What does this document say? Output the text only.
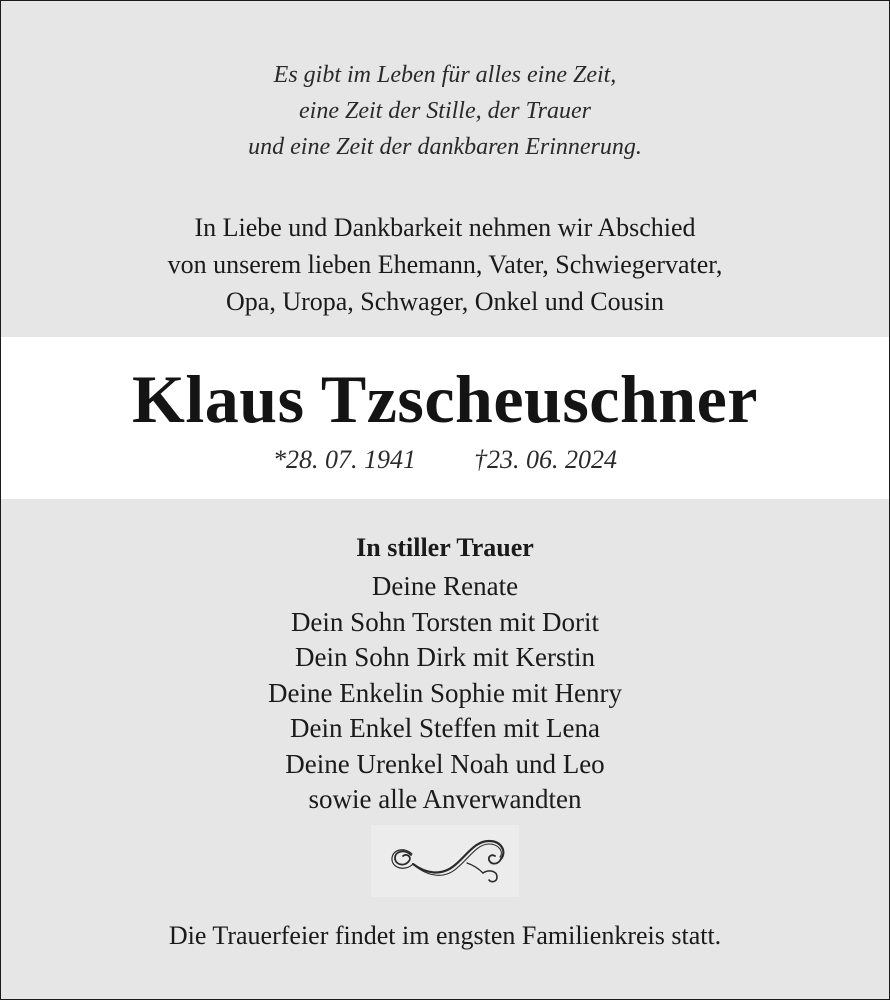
Es gibt im Leben für alles eine Zeit,
eine Zeit der Stille, der Trauer
und eine Zeit der dankbaren Erinnerung.
In Liebe und Dankbarkeit nehmen wir Abschied
von unserem lieben Ehemann, Vater, Schwiegervater,
Opa, Uropa, Schwager, Onkel und Cousin
Klaus Tzscheuschner
*28. 07. 1941 †23. 06. 2024
In stiller Trauer
Deine Renate
Dein Sohn Torsten mit Dorit
Dein Sohn Dirk mit Kerstin
Deine Enkelin Sophie mit Henry
Dein Enkel Steffen mit Lena
Deine Urenkel Noah und Leo
sowie alle Anverwandten
Die Trauerfeier findet im engsten Familienkreis statt.
